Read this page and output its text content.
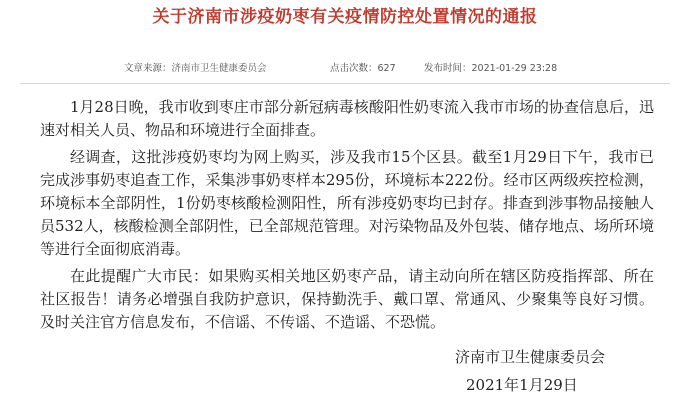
关于济南市涉疫奶枣有关疫情防控处置情况的通报
文章来源：济南市卫生健康委员会	点击次数：627	发布时间：2021-01-29 23:28

1月28日晚，我市收到枣庄市部分新冠病毒核酸阳性奶枣流入我市市场的协查信息后，迅速对相关人员、物品和环境进行全面排查。

经调查，这批涉疫奶枣均为网上购买，涉及我市15个区县。截至1月29日下午，我市已完成涉事奶枣追查工作，采集涉事奶枣样本295份，环境标本222份。经市区两级疾控检测，环境标本全部阴性，1份奶枣核酸检测阳性，所有涉疫奶枣均已封存。排查到涉事物品接触人员532人，核酸检测全部阴性，已全部规范管理。对污染物品及外包装、储存地点、场所环境等进行全面彻底消毒。

在此提醒广大市民：如果购买相关地区奶枣产品，请主动向所在辖区防疫指挥部、所在社区报告！请务必增强自我防护意识，保持勤洗手、戴口罩、常通风、少聚集等良好习惯。及时关注官方信息发布，不信谣、不传谣、不造谣、不恐慌。

济南市卫生健康委员会
2021年1月29日
